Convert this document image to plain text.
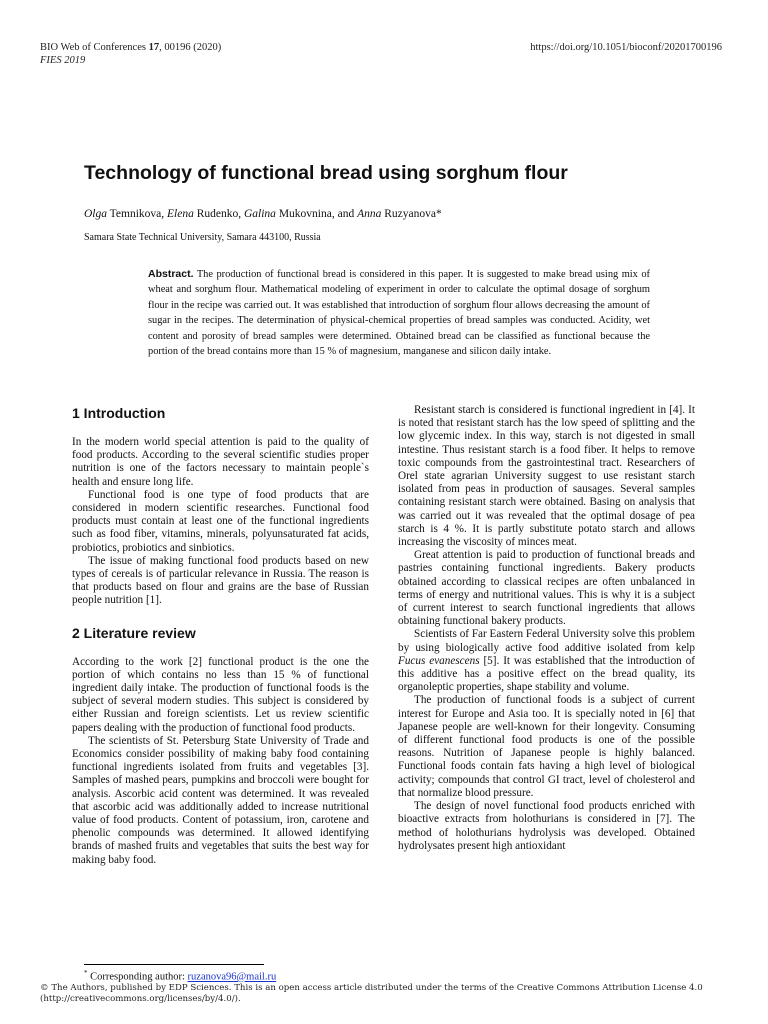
BIO Web of Conferences 17, 00196 (2020)
FIES 2019
https://doi.org/10.1051/bioconf/20201700196
Technology of functional bread using sorghum flour
Olga Temnikova, Elena Rudenko, Galina Mukovnina, and Anna Ruzyanova*
Samara State Technical University, Samara 443100, Russia
Abstract. The production of functional bread is considered in this paper. It is suggested to make bread using mix of wheat and sorghum flour. Mathematical modeling of experiment in order to calculate the optimal dosage of sorghum flour in the recipe was carried out. It was established that introduction of sorghum flour allows decreasing the amount of sugar in the recipes. The determination of physical-chemical properties of bread samples was conducted. Acidity, wet content and porosity of bread samples were determined. Obtained bread can be classified as functional because the portion of the bread contains more than 15 % of magnesium, manganese and silicon daily intake.
1 Introduction

In the modern world special attention is paid to the quality of food products. According to the several scientific studies proper nutrition is one of the factors necessary to maintain people`s health and ensure long life.

Functional food is one type of food products that are considered in modern scientific researches. Functional food products must contain at least one of the functional ingredients such as food fiber, vitamins, minerals, polyunsaturated fat acids, probiotics, probiotics and sinbiotics.

The issue of making functional food products based on new types of cereals is of particular relevance in Russia. The reason is that products based on flour and grains are the base of Russian people nutrition [1].

2 Literature review

According to the work [2] functional product is the one the portion of which contains no less than 15 % of functional ingredient daily intake. The production of functional foods is the subject of several modern studies. This subject is considered by either Russian and foreign scientists. Let us review scientific papers dealing with the production of functional food products.

The scientists of St. Petersburg State University of Trade and Economics consider possibility of making baby food containing functional ingredients isolated from fruits and vegetables [3]. Samples of mashed pears, pumpkins and broccoli were bought for analysis. Ascorbic acid content was determined. It was revealed that ascorbic acid was additionally added to increase nutritional value of food products. Content of potassium, iron, carotene and phenolic compounds was determined. It allowed identifying brands of mashed fruits and vegetables that suits the best way for making baby food.

Resistant starch is considered is functional ingredient in [4]. It is noted that resistant starch has the low speed of splitting and the low glycemic index. In this way, starch is not digested in small intestine. Thus resistant starch is a food fiber. It helps to remove toxic compounds from the gastrointestinal tract. Researchers of Orel state agrarian University suggest to use resistant starch isolated from peas in production of sausages. Several samples containing resistant starch were obtained. Basing on analysis that was carried out it was revealed that the optimal dosage of pea starch is 4 %. It is partly substitute potato starch and allows increasing the viscosity of minces meat.

Great attention is paid to production of functional breads and pastries containing functional ingredients. Bakery products obtained according to classical recipes are often unbalanced in terms of energy and nutritional values. This is why it is a subject of current interest to search functional ingredients that allows obtaining functional bakery products.

Scientists of Far Eastern Federal University solve this problem by using biologically active food additive isolated from kelp Fucus evanescens [5]. It was established that the introduction of this additive has a positive effect on the bread quality, its organoleptic properties, shape stability and volume.

The production of functional foods is a subject of current interest for Europe and Asia too. It is specially noted in [6] that Japanese people are well-known for their longevity. Consuming of different functional food products is one of the possible reasons. Nutrition of Japanese people is highly balanced. Functional foods contain fats having a high level of biological activity; compounds that control GI tract, level of cholesterol and that normalize blood pressure.

The design of novel functional food products enriched with bioactive extracts from holothurians is considered in [7]. The method of holothurians hydrolysis was developed. Obtained hydrolysates present high antioxidant

* Corresponding author: ruzanova96@mail.ru
© The Authors, published by EDP Sciences. This is an open access article distributed under the terms of the Creative Commons Attribution License 4.0 (http://creativecommons.org/licenses/by/4.0/).
